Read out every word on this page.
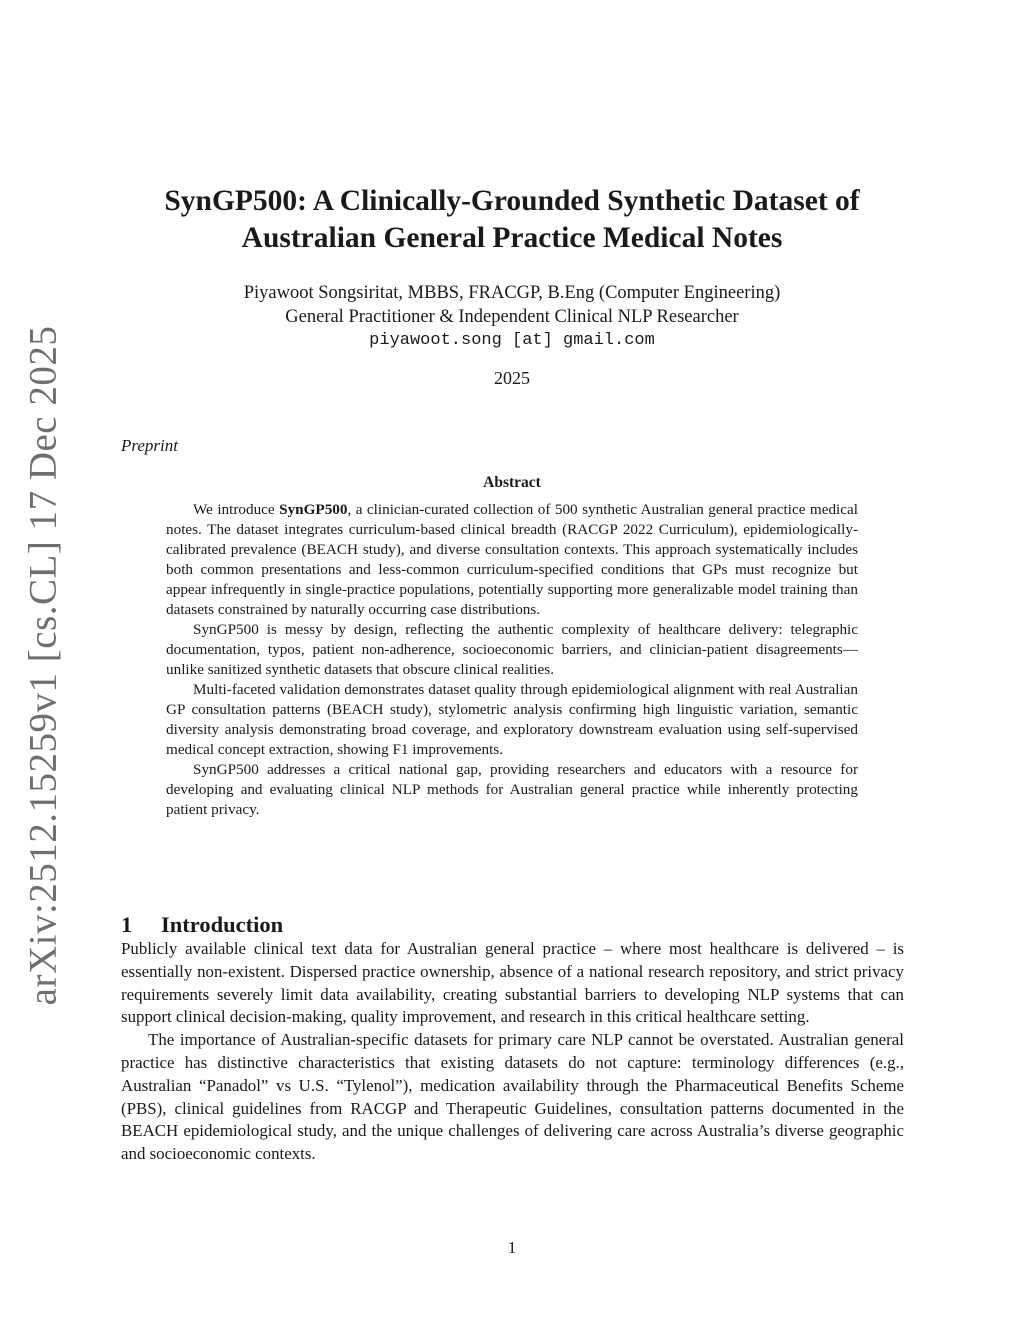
arXiv:2512.15259v1 [cs.CL] 17 Dec 2025
SynGP500: A Clinically-Grounded Synthetic Dataset of Australian General Practice Medical Notes
Piyawoot Songsiritat, MBBS, FRACGP, B.Eng (Computer Engineering)
General Practitioner & Independent Clinical NLP Researcher
piyawoot.song [at] gmail.com
2025
Preprint
Abstract

We introduce SynGP500, a clinician-curated collection of 500 synthetic Australian general practice medical notes. The dataset integrates curriculum-based clinical breadth (RACGP 2022 Curriculum), epidemiologically-calibrated prevalence (BEACH study), and diverse consultation contexts. This approach systematically includes both common presentations and less-common curriculum-specified conditions that GPs must recognize but appear infrequently in single-practice populations, potentially supporting more generalizable model training than datasets constrained by naturally occurring case distributions.

SynGP500 is messy by design, reflecting the authentic complexity of healthcare delivery: telegraphic documentation, typos, patient non-adherence, socioeconomic barriers, and clinician-patient disagreements—unlike sanitized synthetic datasets that obscure clinical realities.

Multi-faceted validation demonstrates dataset quality through epidemiological alignment with real Australian GP consultation patterns (BEACH study), stylometric analysis confirming high linguistic variation, semantic diversity analysis demonstrating broad coverage, and exploratory downstream evaluation using self-supervised medical concept extraction, showing F1 improvements.

SynGP500 addresses a critical national gap, providing researchers and educators with a resource for developing and evaluating clinical NLP methods for Australian general practice while inherently protecting patient privacy.

1 Introduction

Publicly available clinical text data for Australian general practice – where most healthcare is delivered – is essentially non-existent. Dispersed practice ownership, absence of a national research repository, and strict privacy requirements severely limit data availability, creating substantial barriers to developing NLP systems that can support clinical decision-making, quality improvement, and research in this critical healthcare setting.

The importance of Australian-specific datasets for primary care NLP cannot be overstated. Australian general practice has distinctive characteristics that existing datasets do not capture: terminology differences (e.g., Australian “Panadol” vs U.S. “Tylenol”), medication availability through the Pharmaceutical Benefits Scheme (PBS), clinical guidelines from RACGP and Therapeutic Guidelines, consultation patterns documented in the BEACH epidemiological study, and the unique challenges of delivering care across Australia’s diverse geographic and socioeconomic contexts.

1
